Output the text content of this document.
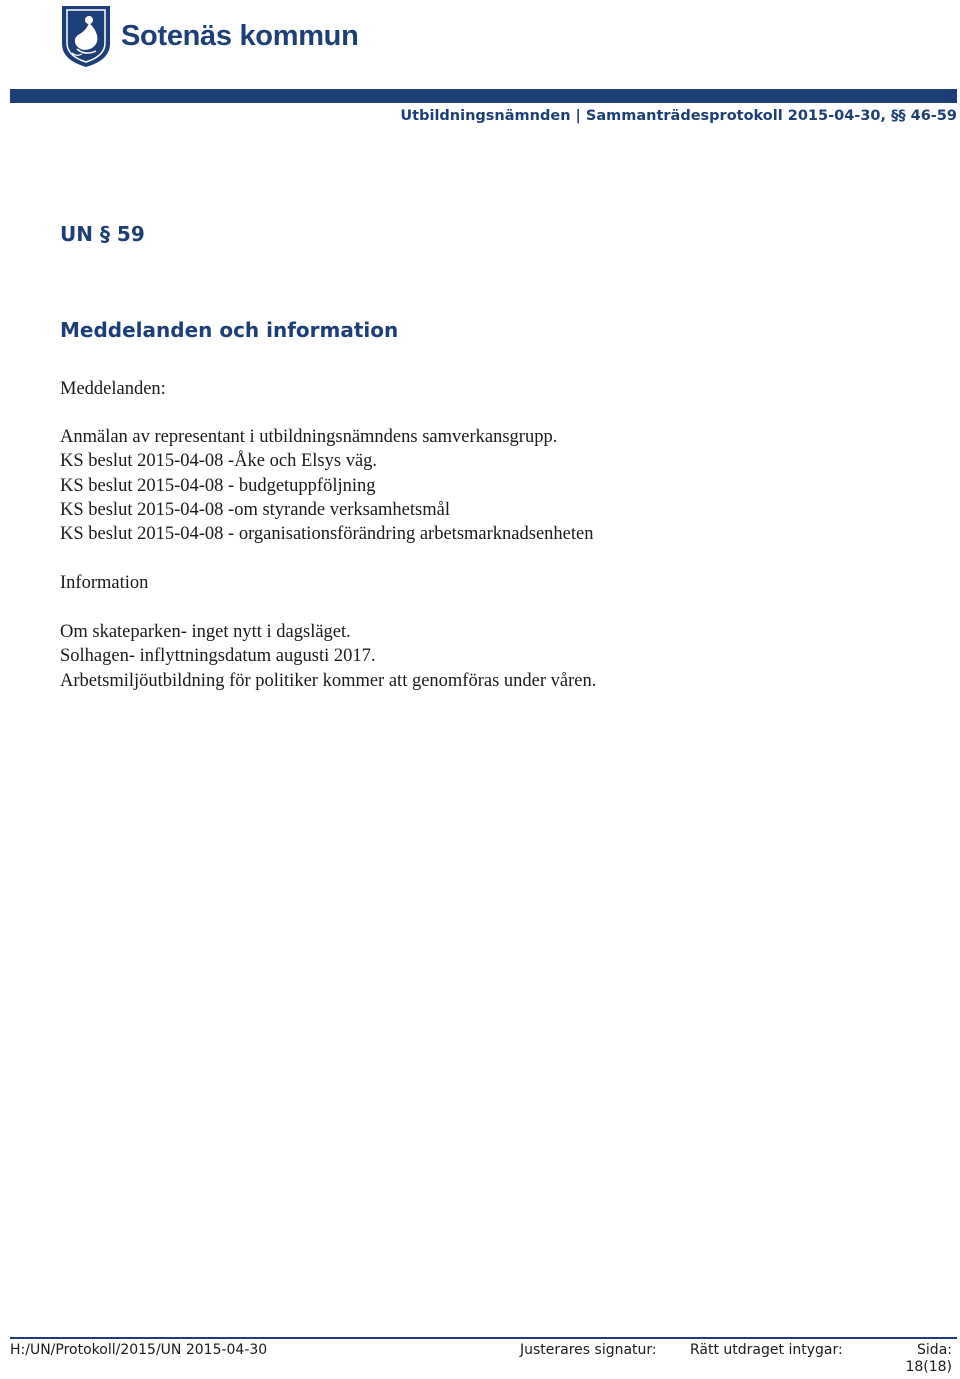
Sotenäs kommun
Utbildningsnämnden | Sammanträdesprotokoll 2015-04-30, §§ 46-59
UN § 59
Meddelanden och information
Meddelanden:
Anmälan av representant i utbildningsnämndens samverkansgrupp.
KS beslut 2015-04-08 -Åke och Elsys väg.
KS beslut 2015-04-08 - budgetuppföljning
KS beslut 2015-04-08 -om styrande verksamhetsmål
KS beslut 2015-04-08 - organisationsförändring arbetsmarknadsenheten
Information
Om skateparken- inget nytt i dagsläget.
Solhagen- inflyttningsdatum augusti 2017.
Arbetsmiljöutbildning för politiker kommer att genomföras under våren.
H:/UN/Protokoll/2015/UN 2015-04-30	Justerares signatur: Rätt utdraget intygar:	Sida:
18(18)
